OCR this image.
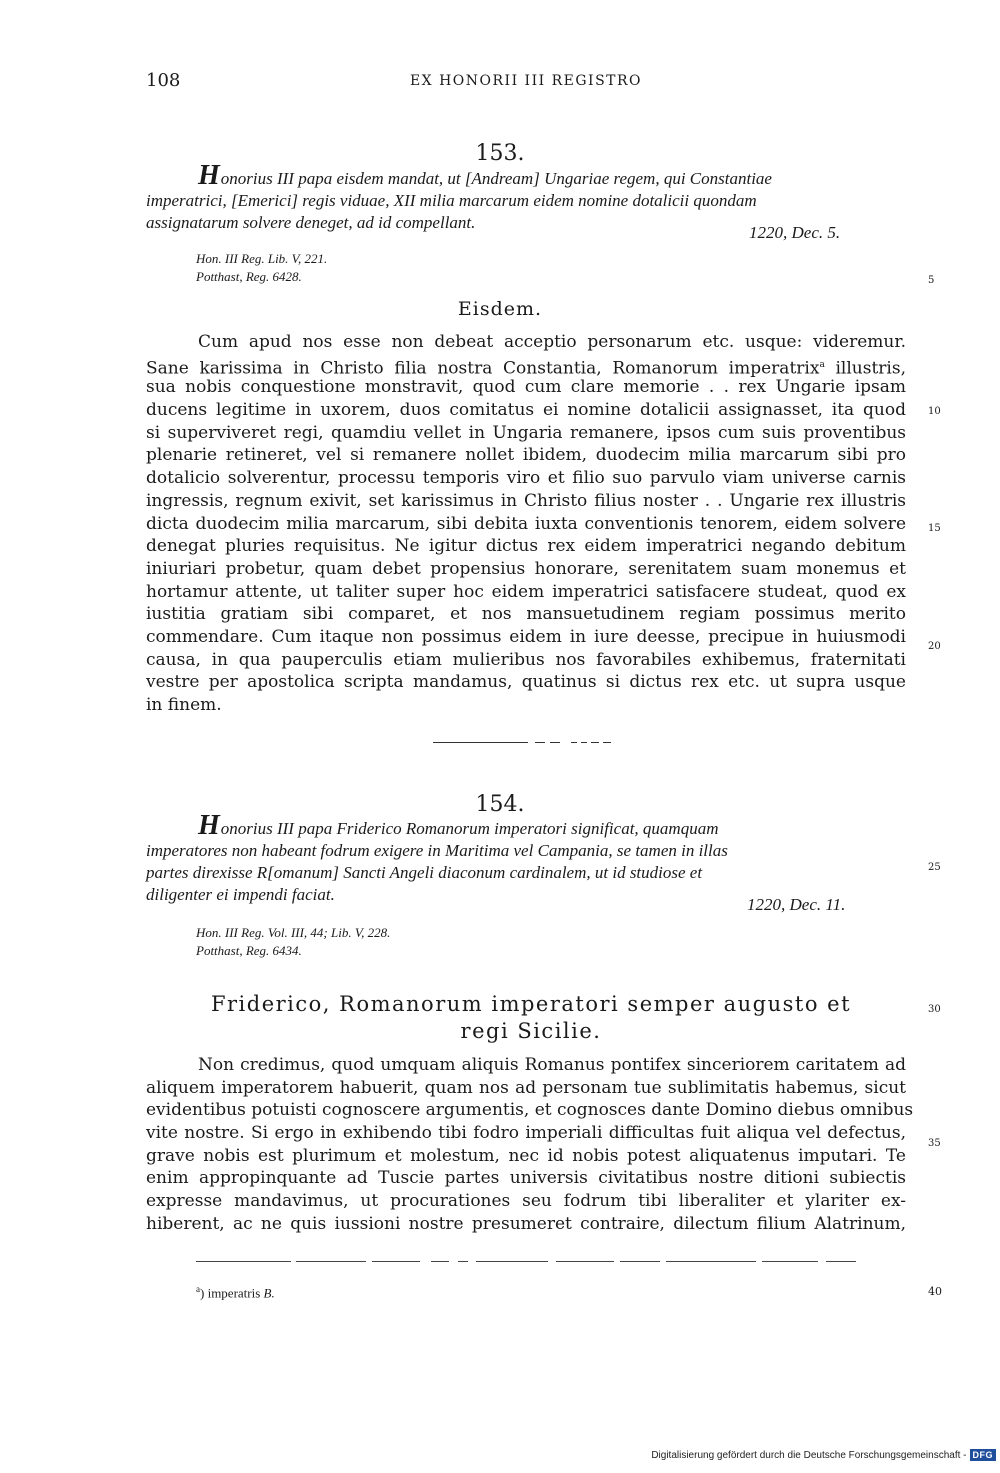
108	EX HONORII III REGISTRO
153.
Honorius III papa eisdem mandat, ut [Andream] Ungariae regem, qui Constantiae
imperatrici, [Emerici] regis viduae, XII milia marcarum eidem nomine dotalicii quondam
assignatarum solvere deneget, ad id compellant.
1220, Dec. 5.
Hon. III Reg. Lib. V, 221.
Potthast, Reg. 6428.
Eisdem.
Cum apud nos esse non debeat acceptio personarum etc. usque: videremur.
Sane karissima in Christo filia nostra Constantia, Romanorum imperatrix$^a$ illustris,
sua nobis conquestione monstravit, quod cum clare memorie . . rex Ungarie ipsam
ducens legitime in uxorem, duos comitatus ei nomine dotalicii assignasset, ita quod
si superviveret regi, quamdiu vellet in Ungaria remanere, ipsos cum suis proventibus
plenarie retineret, vel si remanere nollet ibidem, duodecim milia marcarum sibi pro
dotalicio solverentur, processu temporis viro et filio suo parvulo viam universe carnis
ingressis, regnum exivit, set karissimus in Christo filius noster . . Ungarie rex illustris
dicta duodecim milia marcarum, sibi debita iuxta conventionis tenorem, eidem solvere
denegat pluries requisitus. Ne igitur dictus rex eidem imperatrici negando debitum
iniuriari probetur, quam debet propensius honorare, serenitatem suam monemus et
hortamur attente, ut taliter super hoc eidem imperatrici satisfacere studeat, quod ex
iustitia gratiam sibi comparet, et nos mansuetudinem regiam possimus merito
commendare. Cum itaque non possimus eidem in iure deesse, precipue in huiusmodi
causa, in qua pauperculis etiam mulieribus nos favorabiles exhibemus, fraternitati
vestre per apostolica scripta mandamus, quatinus si dictus rex etc. ut supra usque
in finem.
5
10
15
20
154.
Honorius III papa Friderico Romanorum imperatori significat, quamquam
imperatores non habeant fodrum exigere in Maritima vel Campania, se tamen in illas
partes direxisse R[omanum] Sancti Angeli diaconum cardinalem, ut id studiose et
diligenter ei impendi faciat.
1220, Dec. 11.
Hon. III Reg. Vol. III, 44; Lib. V, 228.
Potthast, Reg. 6434.
Friderico, Romanorum imperatori semper augusto et
regi Sicilie.
Non credimus, quod umquam aliquis Romanus pontifex sinceriorem caritatem ad
aliquem imperatorem habuerit, quam nos ad personam tue sublimitatis habemus, sicut
evidentibus potuisti cognoscere argumentis, et cognosces dante Domino diebus omnibus
vite nostre. Si ergo in exhibendo tibi fodro imperiali difficultas fuit aliqua vel defectus,
grave nobis est plurimum et molestum, nec id nobis potest aliquatenus imputari. Te
enim appropinquante ad Tuscie partes universis civitatibus nostre ditioni subiectis
expresse mandavimus, ut procurationes seu fodrum tibi liberaliter et ylariter ex-
hiberent, ac ne quis iussioni nostre presumeret contraire, dilectum filium Alatrinum,
25
30
35
$^a$) imperatris B.	40
Digitalisierung gefördert durch die Deutsche Forschungsgemeinschaft - DFG
